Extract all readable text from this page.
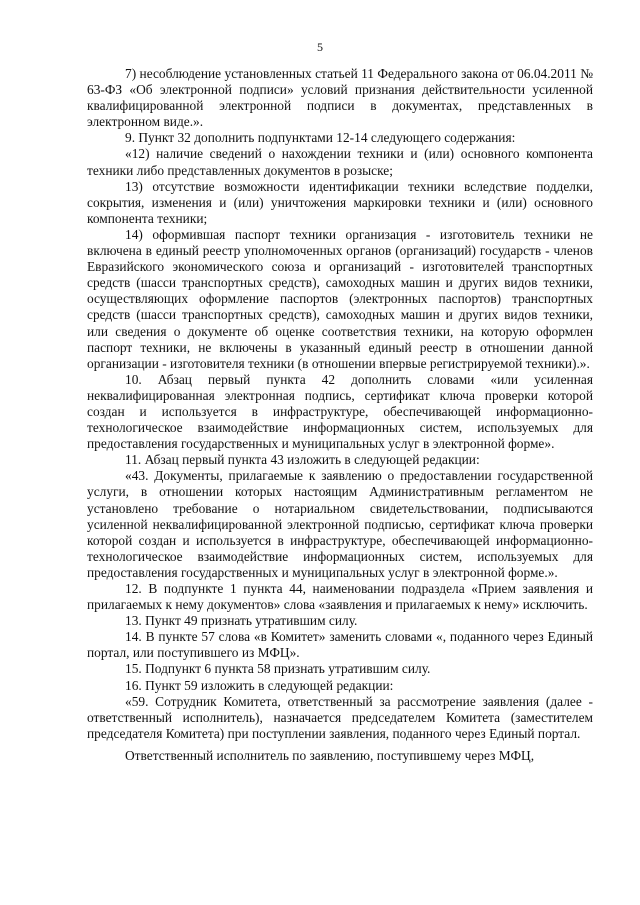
5

7) несоблюдение установленных статьей 11 Федерального закона от 06.04.2011 № 63-ФЗ «Об электронной подписи» условий признания действительности усиленной квалифицированной электронной подписи в документах, представленных в электронном виде.».

9. Пункт 32 дополнить подпунктами 12-14 следующего содержания:

«12) наличие сведений о нахождении техники и (или) основного компонента техники либо представленных документов в розыске;

13) отсутствие возможности идентификации техники вследствие подделки, сокрытия, изменения и (или) уничтожения маркировки техники и (или) основного компонента техники;

14) оформившая паспорт техники организация - изготовитель техники не включена в единый реестр уполномоченных органов (организаций) государств - членов Евразийского экономического союза и организаций - изготовителей транспортных средств (шасси транспортных средств), самоходных машин и других видов техники, осуществляющих оформление паспортов (электронных паспортов) транспортных средств (шасси транспортных средств), самоходных машин и других видов техники, или сведения о документе об оценке соответствия техники, на которую оформлен паспорт техники, не включены в указанный единый реестр в отношении данной организации - изготовителя техники (в отношении впервые регистрируемой техники).».

10. Абзац первый пункта 42 дополнить словами «или усиленная неквалифицированная электронная подпись, сертификат ключа проверки которой создан и используется в инфраструктуре, обеспечивающей информационно-технологическое взаимодействие информационных систем, используемых для предоставления государственных и муниципальных услуг в электронной форме».

11. Абзац первый пункта 43 изложить в следующей редакции:

«43. Документы, прилагаемые к заявлению о предоставлении государственной услуги, в отношении которых настоящим Административным регламентом не установлено требование о нотариальном свидетельствовании, подписываются усиленной неквалифицированной электронной подписью, сертификат ключа проверки которой создан и используется в инфраструктуре, обеспечивающей информационно-технологическое взаимодействие информационных систем, используемых для предоставления государственных и муниципальных услуг в электронной форме.».

12. В подпункте 1 пункта 44, наименовании подраздела «Прием заявления и прилагаемых к нему документов» слова «заявления и прилагаемых к нему» исключить.

13. Пункт 49 признать утратившим силу.

14. В пункте 57 слова «в Комитет» заменить словами «, поданного через Единый портал, или поступившего из МФЦ».

15. Подпункт 6 пункта 58 признать утратившим силу.

16. Пункт 59 изложить в следующей редакции:

«59. Сотрудник Комитета, ответственный за рассмотрение заявления (далее - ответственный исполнитель), назначается председателем Комитета (заместителем председателя Комитета) при поступлении заявления, поданного через Единый портал.

Ответственный исполнитель по заявлению, поступившему через МФЦ,
